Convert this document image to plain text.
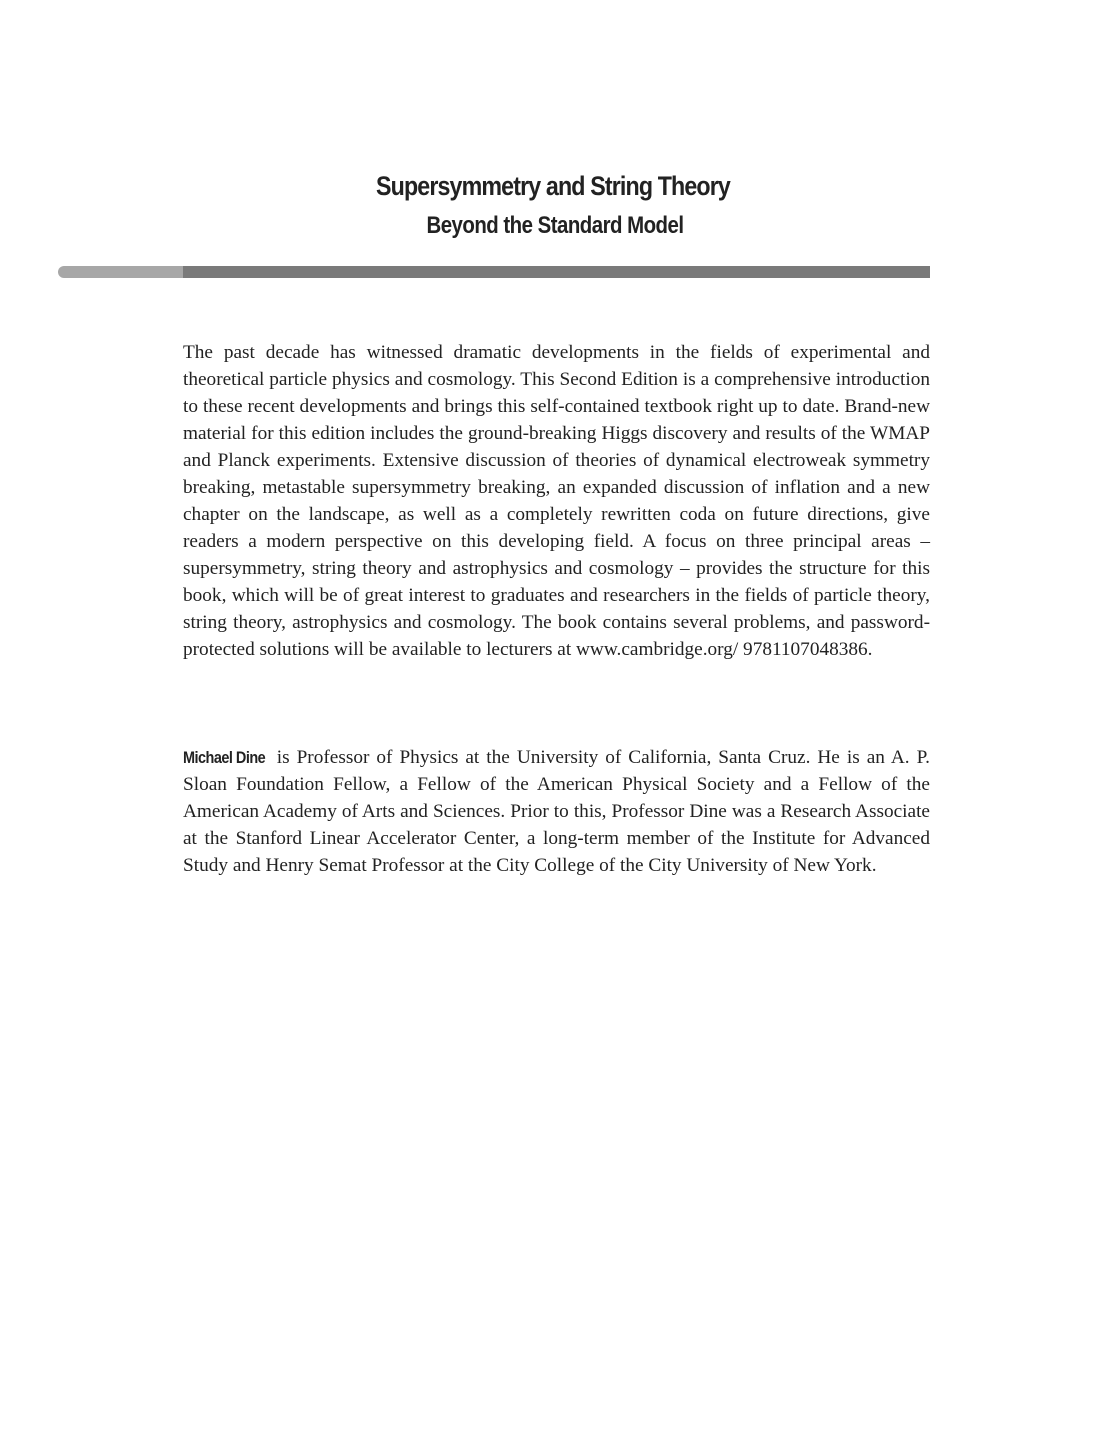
Supersymmetry and String Theory
Beyond the Standard Model

The past decade has witnessed dramatic developments in the fields of experimental and theoretical particle physics and cosmology. This Second Edition is a comprehensive introduction to these recent developments and brings this self-contained textbook right up to date. Brand-new material for this edition includes the ground-breaking Higgs discovery and results of the WMAP and Planck experiments. Extensive discussion of theories of dynamical electroweak symmetry breaking, metastable supersymmetry breaking, an expanded discussion of inflation and a new chapter on the landscape, as well as a completely rewritten coda on future directions, give readers a modern perspective on this developing field. A focus on three principal areas – supersymmetry, string theory and astrophysics and cosmology – provides the structure for this book, which will be of great interest to graduates and researchers in the fields of particle theory, string theory, astrophysics and cosmology. The book contains several problems, and password-protected solutions will be available to lecturers at www.cambridge.org/ 9781107048386.

Michael Dine is Professor of Physics at the University of California, Santa Cruz. He is an A. P. Sloan Foundation Fellow, a Fellow of the American Physical Society and a Fellow of the American Academy of Arts and Sciences. Prior to this, Professor Dine was a Research Associate at the Stanford Linear Accelerator Center, a long-term member of the Institute for Advanced Study and Henry Semat Professor at the City College of the City University of New York.
